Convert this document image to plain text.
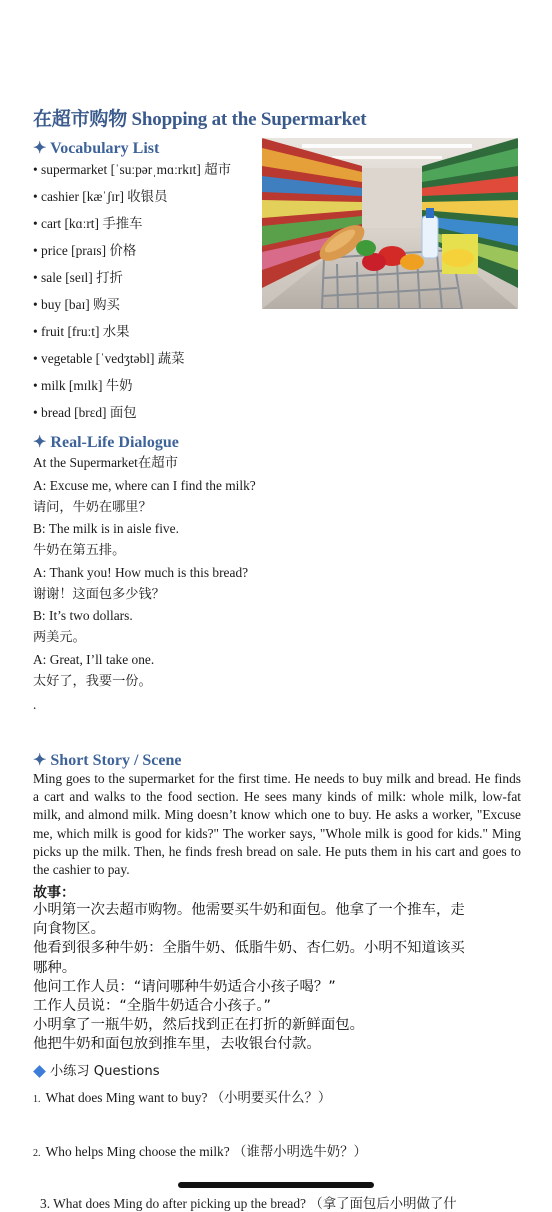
在超市购物 Shopping at the Supermarket
✦ Vocabulary List
• supermarket [ˈsuːpərˌmɑːrkɪt] 超市
• cashier [kæˈʃɪr] 收银员
• cart [kɑːrt] 手推车
• price [praɪs] 价格
• sale [seɪl] 打折
• buy [baɪ] 购买
• fruit [fruːt] 水果
• vegetable [ˈvedʒtəbl] 蔬菜
• milk [mɪlk] 牛奶
• bread [brɛd] 面包
✦ Real-Life Dialogue
At the Supermarket在超市
A: Excuse me, where can I find the milk?
请问，牛奶在哪里？
B: The milk is in aisle five.
牛奶在第五排。
A: Thank you! How much is this bread?
谢谢！这面包多少钱？
B: It’s two dollars.
两美元。
A: Great, I’ll take one.
太好了，我要一份。
.
✦ Short Story / Scene

Ming goes to the supermarket for the first time. He needs to buy milk and bread. He finds a cart and walks to the food section. He sees many kinds of milk: whole milk, low-fat milk, and almond milk. Ming doesn’t know which one to buy. He asks a worker, "Excuse me, which milk is good for kids?" The worker says, "Whole milk is good for kids." Ming picks up the milk. Then, he finds fresh bread on sale. He puts them in his cart and goes to the cashier to pay.

故事：
小明第一次去超市购物。他需要买牛奶和面包。他拿了一个推车，走
向食物区。
他看到很多种牛奶：全脂牛奶、低脂牛奶、杏仁奶。小明不知道该买
哪种。
他问工作人员：“请问哪种牛奶适合小孩子喝？”
工作人员说：“全脂牛奶适合小孩子。”
小明拿了一瓶牛奶，然后找到正在打折的新鲜面包。
他把牛奶和面包放到推车里，去收银台付款。
小练习 Questions
1. What does Ming want to buy? （小明要买什么？）
2. Who helps Ming choose the milk? （谁帮小明选牛奶？）
3. What does Ming do after picking up the bread? （拿了面包后小明做了什
